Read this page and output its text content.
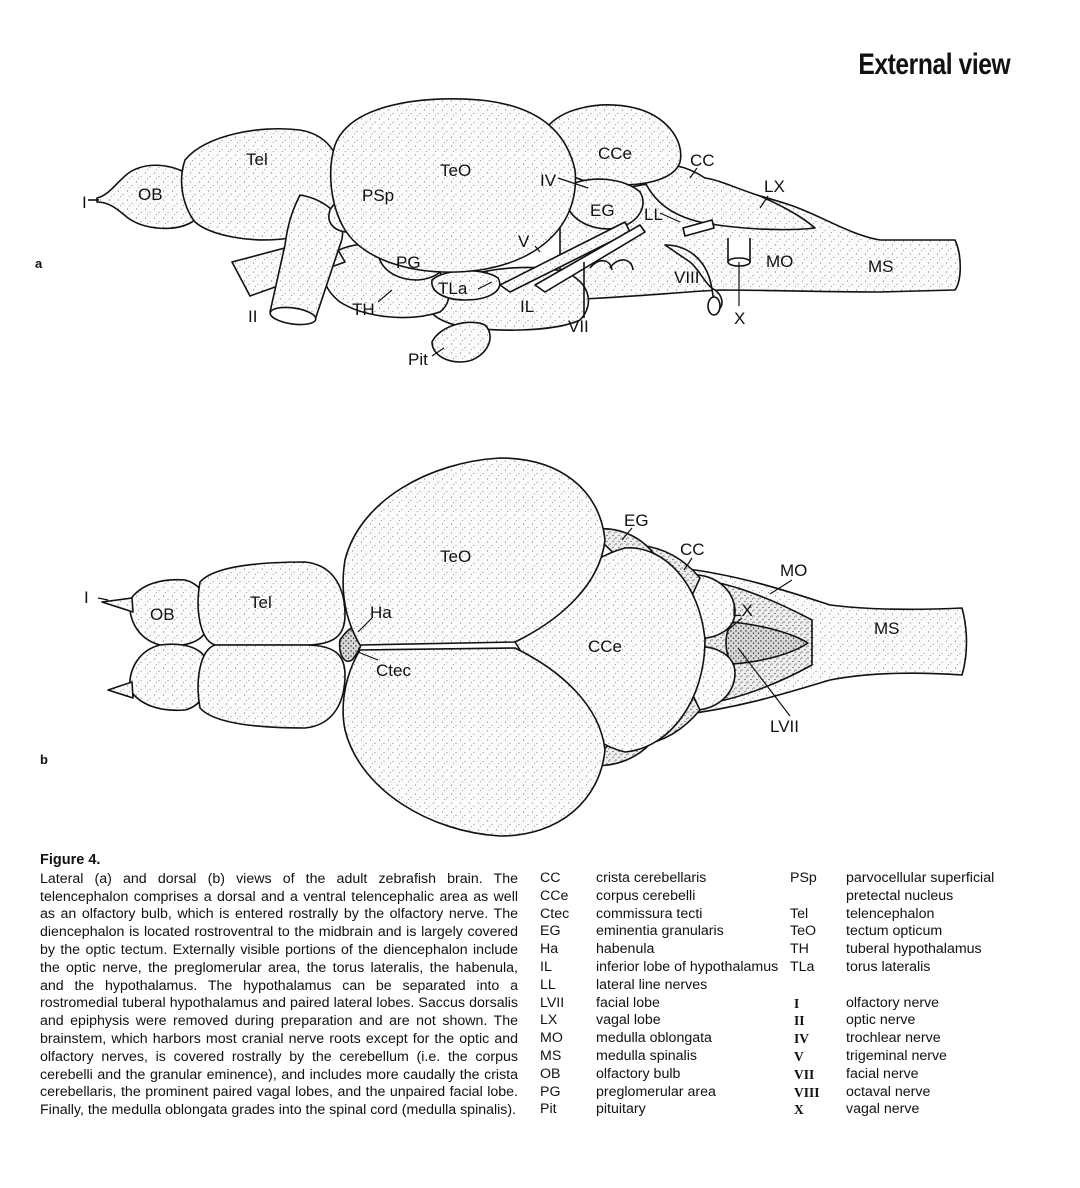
External view
a
b
I	OB
Tel
PSp
TeO
CCe	CC
IV
EG LL
LX
V
PG
TLa
VIII
MO	MS
II	TH	IL
VII	X
Pit
I
OB
Tel
TeO
Ha
Ctec
EG
CC
CCe
MO
LX
MS
LVII
Figure 4.
Lateral (a) and dorsal (b) views of the adult zebrafish brain. The telencephalon comprises a dorsal and a ventral telencephalic area as well as an olfactory bulb, which is entered rostrally by the olfactory nerve. The diencephalon is located rostroventral to the midbrain and is largely covered by the optic tectum. Externally visible portions of the diencephalon include the optic nerve, the preglomerular area, the torus lateralis, the habenula, and the hypothalamus. The hypothalamus can be separated into a rostromedial tuberal hypothalamus and paired lateral lobes. Saccus dorsalis and epiphysis were removed during preparation and are not shown. The brainstem, which harbors most cranial nerve roots except for the optic and olfactory nerves, is covered rostrally by the cerebellum (i.e. the corpus cerebelli and the granular eminence), and includes more caudally the crista cerebellaris, the prominent paired vagal lobes, and the unpaired facial lobe. Finally, the medulla oblongata grades into the spinal cord (medulla spinalis).
CC	crista cerebellaris
CCe	corpus cerebelli
Ctec	commissura tecti
EG	eminentia granularis
Ha	habenula
IL	inferior lobe of hypothalamus
LL	lateral line nerves
LVII	facial lobe
LX	vagal lobe
MO	medulla oblongata
MS	medulla spinalis
OB	olfactory bulb
PG	preglomerular area
Pit	pituitary
PSp	parvocellular superficial pretectal nucleus
Tel	telencephalon
TeO	tectum opticum
TH	tuberal hypothalamus
TLa	torus lateralis
I	olfactory nerve
II	optic nerve
IV	trochlear nerve
V	trigeminal nerve
VII	facial nerve
VIII	octaval nerve
X	vagal nerve
